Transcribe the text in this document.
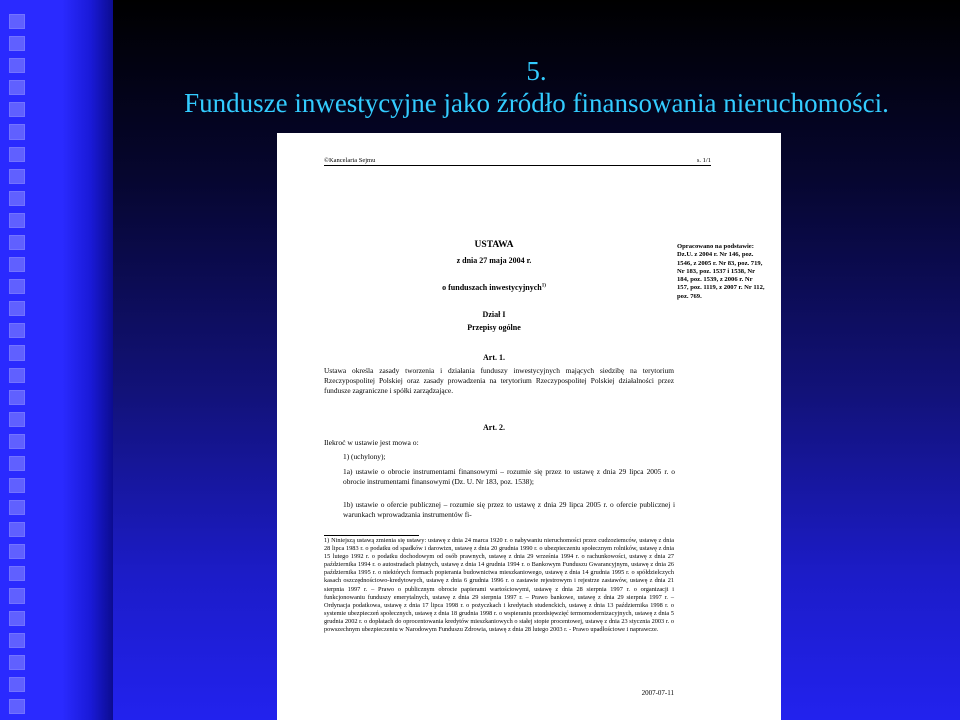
5.
Fundusze inwestycyjne jako źródło finansowania nieruchomości.
©Kancelaria Sejmu	s. 1/1
Opracowano na podstawie: Dz.U. z 2004 r. Nr 146, poz. 1546, z 2005 r. Nr 83, poz. 719, Nr 183, poz. 1537 i 1538, Nr 184, poz. 1539, z 2006 r. Nr 157, poz. 1119, z 2007 r. Nr 112, poz. 769.
USTAWA
z dnia 27 maja 2004 r.
o funduszach inwestycyjnych$^{1)}$
Dział I
Przepisy ogólne
Art. 1.
Ustawa określa zasady tworzenia i działania funduszy inwestycyjnych mających siedzibę na terytorium Rzeczypospolitej Polskiej oraz zasady prowadzenia na terytorium Rzeczypospolitej Polskiej działalności przez fundusze zagraniczne i spółki zarządzające.
Art. 2.
Ilekroć w ustawie jest mowa o:
1) (uchylony);
1a) ustawie o obrocie instrumentami finansowymi – rozumie się przez to ustawę z dnia 29 lipca 2005 r. o obrocie instrumentami finansowymi (Dz. U. Nr 183, poz. 1538);
1b) ustawie o ofercie publicznej – rozumie się przez to ustawę z dnia 29 lipca 2005 r. o ofercie publicznej i warunkach wprowadzania instrumentów fi-
1) Niniejszą ustawą zmienia się ustawy: ustawę z dnia 24 marca 1920 r. o nabywaniu nieruchomości przez cudzoziemców, ustawę z dnia 28 lipca 1983 r. o podatku od spadków i darowizn, ustawę z dnia 20 grudnia 1990 r. o ubezpieczeniu społecznym rolników, ustawę z dnia 15 lutego 1992 r. o podatku dochodowym od osób prawnych, ustawę z dnia 29 września 1994 r. o rachunkowości, ustawę z dnia 27 października 1994 r. o autostradach płatnych, ustawę z dnia 14 grudnia 1994 r. o Bankowym Funduszu Gwarancyjnym, ustawę z dnia 26 października 1995 r. o niektórych formach popierania budownictwa mieszkaniowego, ustawę z dnia 14 grudnia 1995 r. o spółdzielczych kasach oszczędnościowo-kredytowych, ustawę z dnia 6 grudnia 1996 r. o zastawie rejestrowym i rejestrze zastawów, ustawę z dnia 21 sierpnia 1997 r. – Prawo o publicznym obrocie papierami wartościowymi, ustawę z dnia 28 sierpnia 1997 r. o organizacji i funkcjonowaniu funduszy emerytalnych, ustawę z dnia 29 sierpnia 1997 r. – Prawo bankowe, ustawę z dnia 29 sierpnia 1997 r. – Ordynacja podatkowa, ustawę z dnia 17 lipca 1998 r. o pożyczkach i kredytach studenckich, ustawę z dnia 13 października 1998 r. o systemie ubezpieczeń społecznych, ustawę z dnia 18 grudnia 1998 r. o wspieraniu przedsięwzięć termomodernizacyjnych, ustawę z dnia 5 grudnia 2002 r. o dopłatach do oprocentowania kredytów mieszkaniowych o stałej stopie procentowej, ustawę z dnia 23 stycznia 2003 r. o powszechnym ubezpieczeniu w Narodowym Funduszu Zdrowia, ustawę z dnia 28 lutego 2003 r. - Prawo upadłościowe i naprawcze.
2007-07-11
